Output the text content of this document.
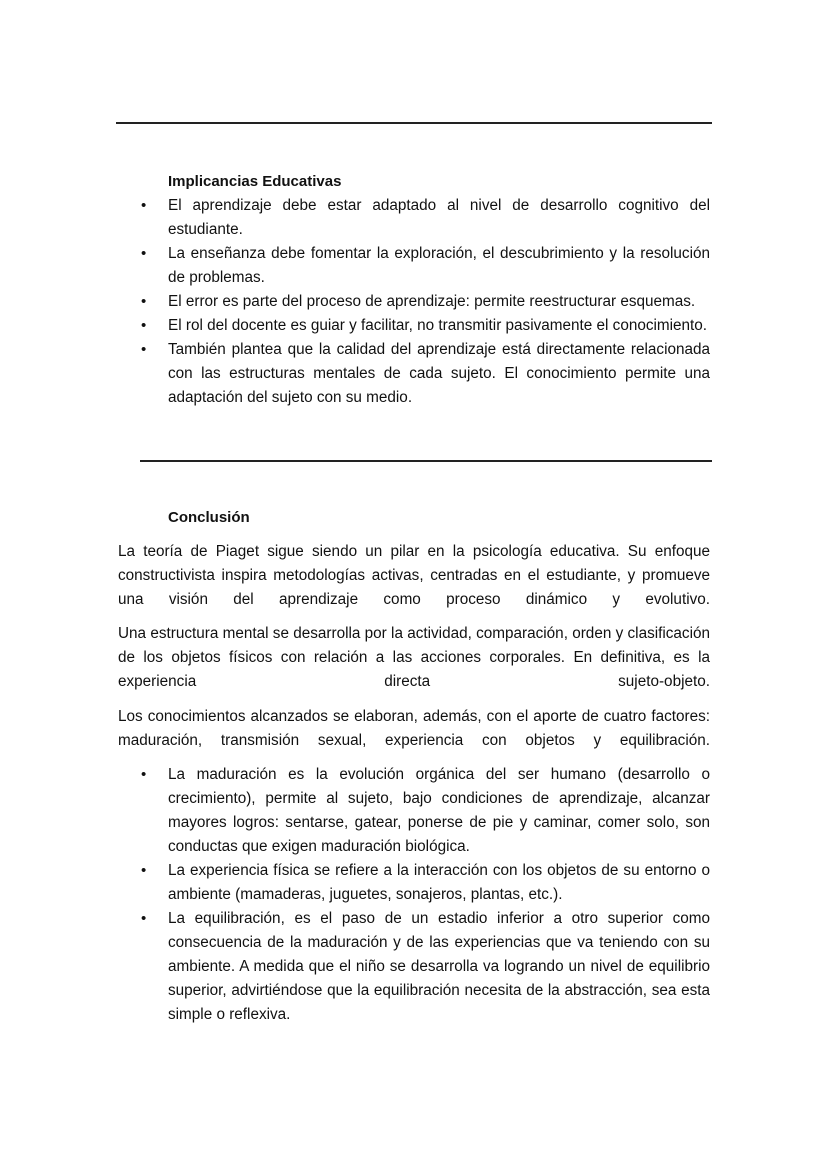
Implicancias Educativas
• El aprendizaje debe estar adaptado al nivel de desarrollo cognitivo del estudiante.
• La enseñanza debe fomentar la exploración, el descubrimiento y la resolución de problemas.
• El error es parte del proceso de aprendizaje: permite reestructurar esquemas.
• El rol del docente es guiar y facilitar, no transmitir pasivamente el conocimiento.
• También plantea que la calidad del aprendizaje está directamente relacionada con las estructuras mentales de cada sujeto. El conocimiento permite una adaptación del sujeto con su medio.
Conclusión

La teoría de Piaget sigue siendo un pilar en la psicología educativa. Su enfoque constructivista inspira metodologías activas, centradas en el estudiante, y promueve una visión del aprendizaje como proceso dinámico y evolutivo.

Una estructura mental se desarrolla por la actividad, comparación, orden y clasificación de los objetos físicos con relación a las acciones corporales. En definitiva, es la experiencia directa sujeto-objeto.

Los conocimientos alcanzados se elaboran, además, con el aporte de cuatro factores: maduración, transmisión sexual, experiencia con objetos y equilibración.

• La maduración es la evolución orgánica del ser humano (desarrollo o crecimiento), permite al sujeto, bajo condiciones de aprendizaje, alcanzar mayores logros: sentarse, gatear, ponerse de pie y caminar, comer solo, son conductas que exigen maduración biológica.
• La experiencia física se refiere a la interacción con los objetos de su entorno o ambiente (mamaderas, juguetes, sonajeros, plantas, etc.).
• La equilibración, es el paso de un estadio inferior a otro superior como consecuencia de la maduración y de las experiencias que va teniendo con su ambiente. A medida que el niño se desarrolla va logrando un nivel de equilibrio superior, advirtiéndose que la equilibración necesita de la abstracción, sea esta simple o reflexiva.
